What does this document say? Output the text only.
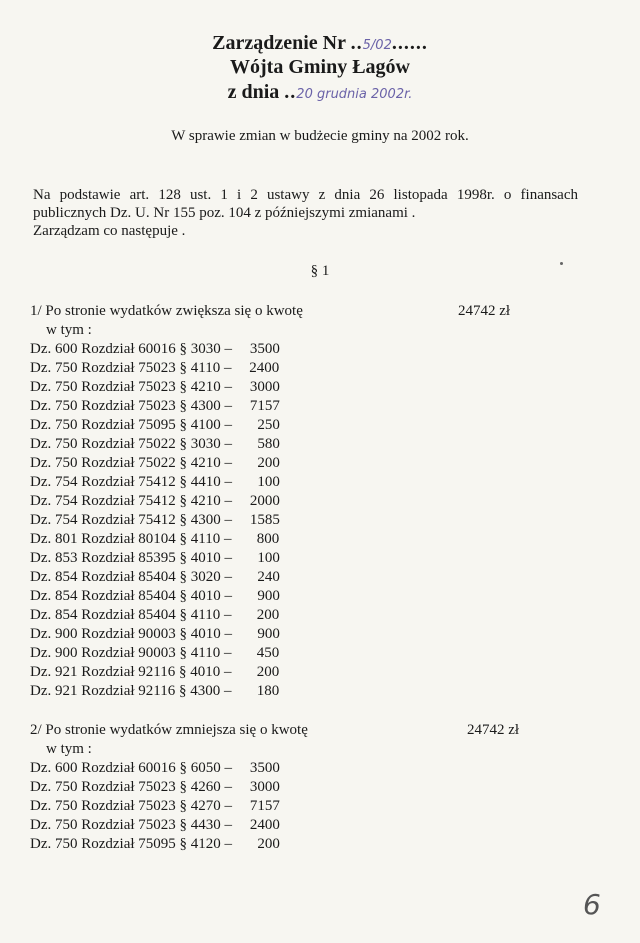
Zarządzenie Nr ..5/02......
Wójta Gminy Łagów
z dnia ..20 grudnia 2002r.
W sprawie zmian w budżecie gminy na 2002 rok.
Na podstawie art. 128 ust. 1 i 2 ustawy z dnia 26 listopada 1998r. o finansach
publicznych Dz. U. Nr 155 poz. 104 z późniejszymi zmianami .
Zarządzam co następuje .
§ 1
1/ Po stronie wydatków zwiększa się o kwotę	24742 zł
w tym :
Dz. 600 Rozdział 60016 § 3030 – 3500
Dz. 750 Rozdział 75023 § 4110 – 2400
Dz. 750 Rozdział 75023 § 4210 – 3000
Dz. 750 Rozdział 75023 § 4300 – 7157
Dz. 750 Rozdział 75095 § 4100 – 250
Dz. 750 Rozdział 75022 § 3030 – 580
Dz. 750 Rozdział 75022 § 4210 – 200
Dz. 754 Rozdział 75412 § 4410 – 100
Dz. 754 Rozdział 75412 § 4210 – 2000
Dz. 754 Rozdział 75412 § 4300 – 1585
Dz. 801 Rozdział 80104 § 4110 – 800
Dz. 853 Rozdział 85395 § 4010 – 100
Dz. 854 Rozdział 85404 § 3020 – 240
Dz. 854 Rozdział 85404 § 4010 – 900
Dz. 854 Rozdział 85404 § 4110 – 200
Dz. 900 Rozdział 90003 § 4010 – 900
Dz. 900 Rozdział 90003 § 4110 – 450
Dz. 921 Rozdział 92116 § 4010 – 200
Dz. 921 Rozdział 92116 § 4300 – 180
2/ Po stronie wydatków zmniejsza się o kwotę	24742 zł
w tym :
Dz. 600 Rozdział 60016 § 6050 – 3500
Dz. 750 Rozdział 75023 § 4260 – 3000
Dz. 750 Rozdział 75023 § 4270 – 7157
Dz. 750 Rozdział 75023 § 4430 – 2400
Dz. 750 Rozdział 75095 § 4120 – 200
6
